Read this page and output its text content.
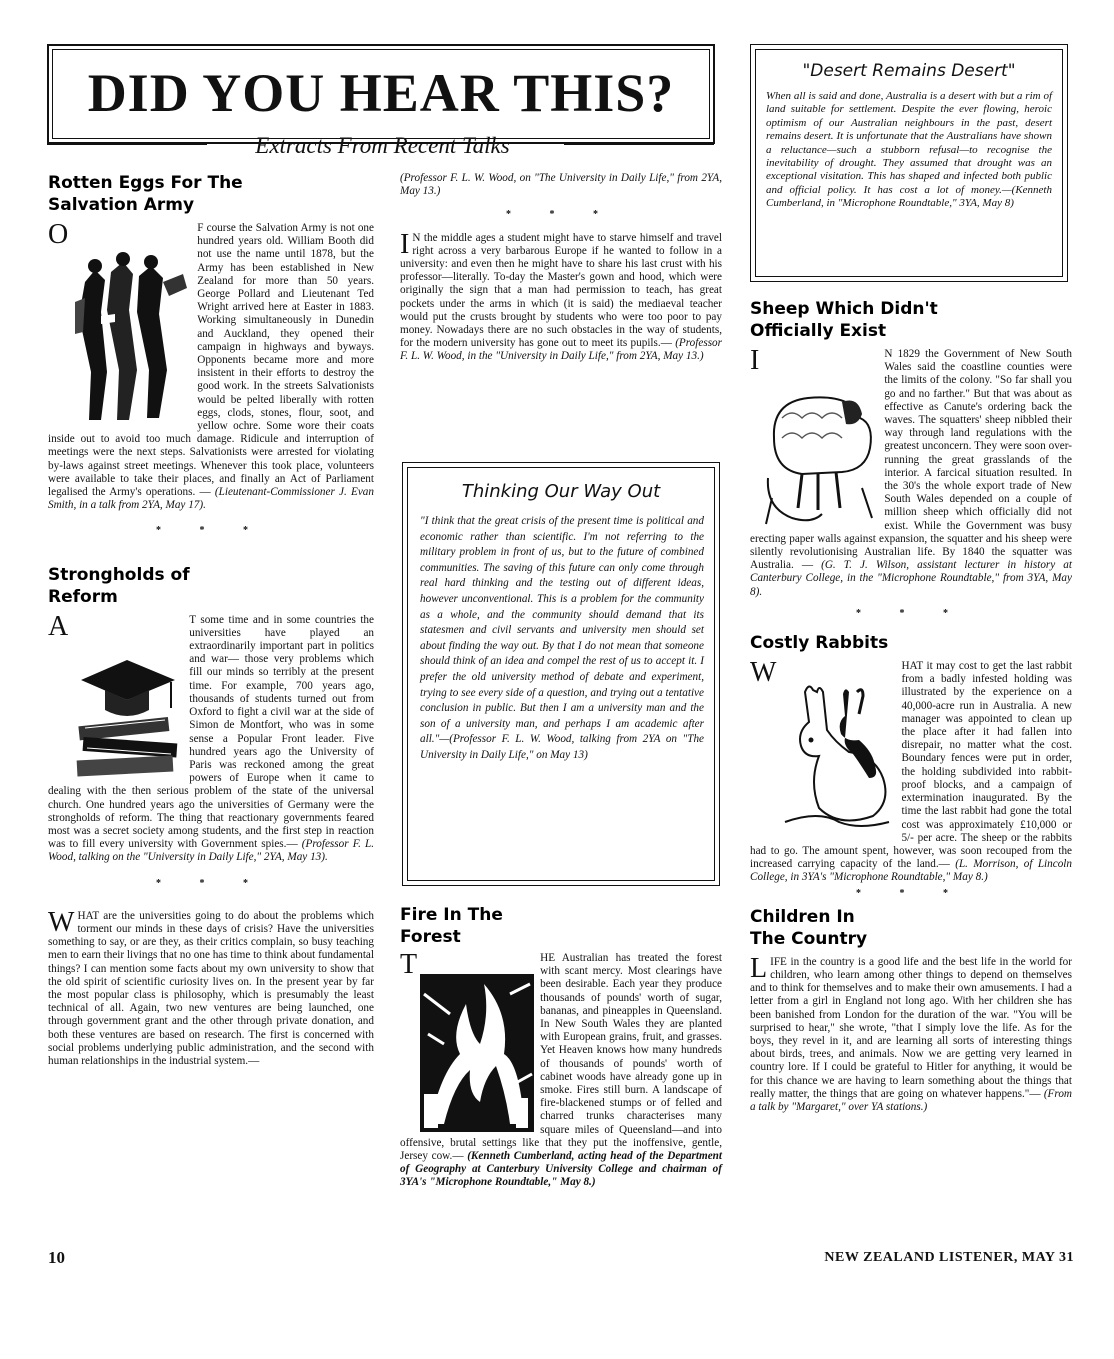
DID YOU HEAR THIS?
Extracts From Recent Talks
Rotten Eggs For The
Salvation Army

O	F course the Salvation Army is not one hundred years old. William Booth did not use the name until 1878, but the Army has been established in New Zealand for more than 50 years. George Pollard and Lieutenant Ted Wright arrived here at Easter in 1883. Working simultaneously in Dunedin and Auckland, they opened their campaign in highways and byways. Opponents became more and more insistent in their efforts to destroy the good work. In the streets Salvationists would be pelted liberally with rotten eggs, clods, stones, flour, soot, and yellow ochre. Some wore their coats inside out to avoid too much damage. Ridicule and interruption of meetings were the next steps. Salvationists were arrested for violating by-laws against street meetings. Whenever this took place, volunteers were available to take their places, and finally an Act of Parliament legalised the Army's operations. — (Lieutenant-Commissioner J. Evan Smith, in a talk from 2YA, May 17).

* * *
Strongholds of
Reform

A	T some time and in some countries the universities have played an extraordinarily important part in politics and war— those very problems which fill our minds so terribly at the present time. For example, 700 years ago, thousands of students turned out from Oxford to fight a civil war at the side of Simon de Montfort, who was in some sense a Popular Front leader. Five hundred years ago the University of Paris was reckoned among the great powers of Europe when it came to dealing with the then serious problem of the state of the universal church. One hundred years ago the universities of Germany were the strongholds of reform. The thing that reactionary governments feared most was a secret society among students, and the first step in reaction was to fill every university with Government spies.— (Professor F. L. Wood, talking on the "University in Daily Life," 2YA, May 13).

* * *

W HAT are the universities going to do about the problems which torment our minds in these days of crisis? Have the universities something to say, or are they, as their critics complain, so busy teaching men to earn their livings that no one has time to think about fundamental things? I can mention some facts about my own university to show that the old spirit of scientific curiosity lives on. In the present year by far the most popular class is philosophy, which is presumably the least technical of all. Again, two new ventures are being launched, one through government grant and the other through private donation, and both these ventures are based on research. The first is concerned with social problems underlying public administration, and the second with human relationships in the industrial system.—

(Professor F. L. W. Wood, on "The University in Daily Life," from 2YA, May 13.)

* * *

I N the middle ages a student might have to starve himself and travel right across a very barbarous Europe if he wanted to follow in a university: and even then he might have to share his last crust with his professor—literally. To-day the Master's gown and hood, which were originally the sign that a man had permission to teach, has great pockets under the arms in which (it is said) the mediaeval teacher would put the crusts brought by students who were too poor to pay money. Nowadays there are no such obstacles in the way of students, for the modern university has gone out to meet its pupils.— (Professor F. L. W. Wood, in the "University in Daily Life," from 2YA, May 13.)

Thinking Our Way Out
"I think that the great crisis of the present time is political and economic rather than scientific. I'm not referring to the military problem in front of us, but to the future of combined communities. The saving of this future can only come through real hard thinking and the testing out of different ideas, however unconventional. This is a problem for the community as a whole, and the community should demand that its statesmen and civil servants and university men should set about finding the way out. By that I do not mean that someone should think of an idea and compel the rest of us to accept it. I prefer the old university method of debate and experiment, trying to see every side of a question, and trying out a tentative conclusion in public. But then I am a university man and the son of a university man, and perhaps I am academic after all."—(Professor F. L. W. Wood, talking from 2YA on "The University in Daily Life," on May 13)
Fire In The
Forest

T	HE Australian has treated the forest with scant mercy. Most clearings have been desirable. Each year they produce thousands of pounds' worth of sugar, bananas, and pineapples in Queensland. In New South Wales they are planted with European grains, fruit, and grasses. Yet Heaven knows how many hundreds of thousands of pounds' worth of cabinet woods have already gone up in smoke. Fires still burn. A landscape of fire-blackened stumps or of felled and charred trunks characterises many square miles of Queensland—and into offensive, brutal settings like that they put the inoffensive, gentle, Jersey cow.— (Kenneth Cumberland, acting head of the Department of Geography at Canterbury University College and chairman of 3YA's "Microphone Roundtable," May 8.)

"Desert Remains Desert"
When all is said and done, Australia is a desert with but a rim of land suitable for settlement. Despite the ever flowing, heroic optimism of our Australian neighbours in the past, desert remains desert. It is unfortunate that the Australians have shown a reluctance—such a stubborn refusal—to recognise the inevitability of drought. They assumed that drought was an exceptional visitation. This has shaped and infected both public and official policy. It has cost a lot of money.—(Kenneth Cumberland, in "Microphone Roundtable," 3YA, May 8)
Sheep Which Didn't
Officially Exist

I	N 1829 the Government of New South Wales said the coastline counties were the limits of the colony. "So far shall you go and no farther." But that was about as effective as Canute's ordering back the waves. The squatters' sheep nibbled their way through land regulations with the greatest unconcern. They were soon over-running the great grasslands of the interior. A farcical situation resulted. In the 30's the whole export trade of New South Wales depended on a couple of million sheep which officially did not exist. While the Government was busy erecting paper walls against expansion, the squatter and his sheep were silently revolutionising Australian life. By 1840 the squatter was Australia. — (G. T. J. Wilson, assistant lecturer in history at Canterbury College, in the "Microphone Roundtable," from 3YA, May 8).

* * *
Costly Rabbits

W	HAT it may cost to get the last rabbit from a badly infested holding was illustrated by the experience on a 40,000-acre run in Australia. A new manager was appointed to clean up the place after it had fallen into disrepair, no matter what the cost. Boundary fences were put in order, the holding subdivided into rabbit-proof blocks, and a campaign of extermination inaugurated. By the time the last rabbit had gone the total cost was approximately £10,000 or 5/- per acre. The sheep or the rabbits had to go. The amount spent, however, was soon recouped from the increased carrying capacity of the land.— (L. Morrison, of Lincoln College, in 3YA's "Microphone Roundtable," May 8.)

* * *
Children In
The Country

L IFE in the country is a good life and the best life in the world for children, who learn among other things to depend on themselves and to think for themselves and to make their own amusements. I had a letter from a girl in England not long ago. With her children she has been banished from London for the duration of the war. "You will be surprised to hear," she wrote, "that I simply love the life. As for the boys, they revel in it, and are learning all sorts of interesting things about birds, trees, and animals. Now we are getting very learned in country lore. If I could be grateful to Hitler for anything, it would be for this chance we are having to learn something about the things that really matter, the things that are going on whatever happens."— (From a talk by "Margaret," over YA stations.)

10	NEW ZEALAND LISTENER, MAY 31
